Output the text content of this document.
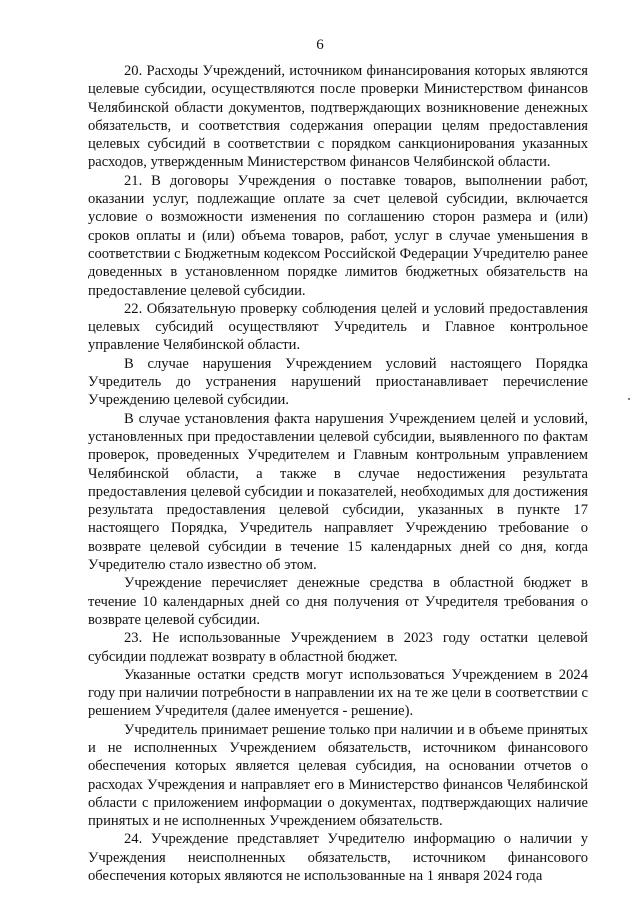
6

20. Расходы Учреждений, источником финансирования которых являются целевые субсидии, осуществляются после проверки Министерством финансов Челябинской области документов, подтверждающих возникновение денежных обязательств, и соответствия содержания операции целям предоставления целевых субсидий в соответствии с порядком санкционирования указанных расходов, утвержденным Министерством финансов Челябинской области.

21. В договоры Учреждения о поставке товаров, выполнении работ, оказании услуг, подлежащие оплате за счет целевой субсидии, включается условие о возможности изменения по соглашению сторон размера и (или) сроков оплаты и (или) объема товаров, работ, услуг в случае уменьшения в соответствии с Бюджетным кодексом Российской Федерации Учредителю ранее доведенных в установленном порядке лимитов бюджетных обязательств на предоставление целевой субсидии.

22. Обязательную проверку соблюдения целей и условий предоставления целевых субсидий осуществляют Учредитель и Главное контрольное управление Челябинской области.

В случае нарушения Учреждением условий настоящего Порядка Учредитель до устранения нарушений приостанавливает перечисление Учреждению целевой субсидии.

В случае установления факта нарушения Учреждением целей и условий, установленных при предоставлении целевой субсидии, выявленного по фактам проверок, проведенных Учредителем и Главным контрольным управлением Челябинской области, а также в случае недостижения результата предоставления целевой субсидии и показателей, необходимых для достижения результата предоставления целевой субсидии, указанных в пункте 17 настоящего Порядка, Учредитель направляет Учреждению требование о возврате целевой субсидии в течение 15 календарных дней со дня, когда Учредителю стало известно об этом.

Учреждение перечисляет денежные средства в областной бюджет в течение 10 календарных дней со дня получения от Учредителя требования о возврате целевой субсидии.

23. Не использованные Учреждением в 2023 году остатки целевой субсидии подлежат возврату в областной бюджет.

Указанные остатки средств могут использоваться Учреждением в 2024 году при наличии потребности в направлении их на те же цели в соответствии с решением Учредителя (далее именуется - решение).

Учредитель принимает решение только при наличии и в объеме принятых и не исполненных Учреждением обязательств, источником финансового обеспечения которых является целевая субсидия, на основании отчетов о расходах Учреждения и направляет его в Министерство финансов Челябинской области с приложением информации о документах, подтверждающих наличие принятых и не исполненных Учреждением обязательств.

24. Учреждение представляет Учредителю информацию о наличии у Учреждения неисполненных обязательств, источником финансового обеспечения которых являются не использованные на 1 января 2024 года
